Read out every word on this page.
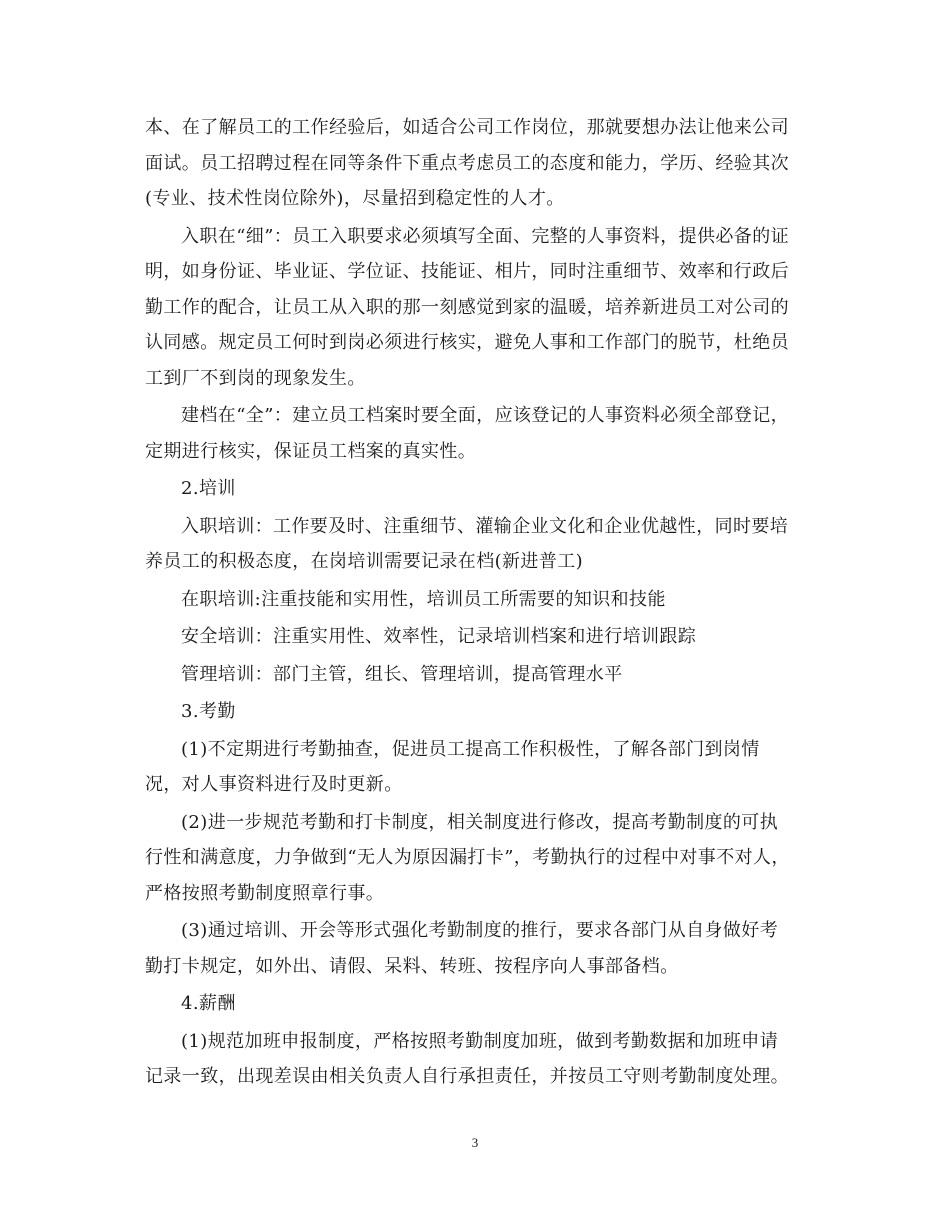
本、在了解员工的工作经验后，如适合公司工作岗位，那就要想办法让他来公司
面试。员工招聘过程在同等条件下重点考虑员工的态度和能力，学历、经验其次
(专业、技术性岗位除外)，尽量招到稳定性的人才。

入职在“细”：员工入职要求必须填写全面、完整的人事资料，提供必备的证
明，如身份证、毕业证、学位证、技能证、相片，同时注重细节、效率和行政后
勤工作的配合，让员工从入职的那一刻感觉到家的温暖，培养新进员工对公司的
认同感。规定员工何时到岗必须进行核实，避免人事和工作部门的脱节，杜绝员
工到厂不到岗的现象发生。

建档在“全”：建立员工档案时要全面，应该登记的人事资料必须全部登记，
定期进行核实，保证员工档案的真实性。

2.培训

入职培训：工作要及时、注重细节、灌输企业文化和企业优越性，同时要培
养员工的积极态度，在岗培训需要记录在档(新进普工)

在职培训:注重技能和实用性，培训员工所需要的知识和技能

安全培训：注重实用性、效率性，记录培训档案和进行培训跟踪

管理培训：部门主管，组长、管理培训，提高管理水平

3.考勤

(1)不定期进行考勤抽查，促进员工提高工作积极性，了解各部门到岗情
况，对人事资料进行及时更新。

(2)进一步规范考勤和打卡制度，相关制度进行修改，提高考勤制度的可执
行性和满意度，力争做到“无人为原因漏打卡”，考勤执行的过程中对事不对人，
严格按照考勤制度照章行事。

(3)通过培训、开会等形式强化考勤制度的推行，要求各部门从自身做好考
勤打卡规定，如外出、请假、呆料、转班、按程序向人事部备档。

4.薪酬

(1)规范加班申报制度，严格按照考勤制度加班，做到考勤数据和加班申请
记录一致，出现差误由相关负责人自行承担责任，并按员工守则考勤制度处理。

3
